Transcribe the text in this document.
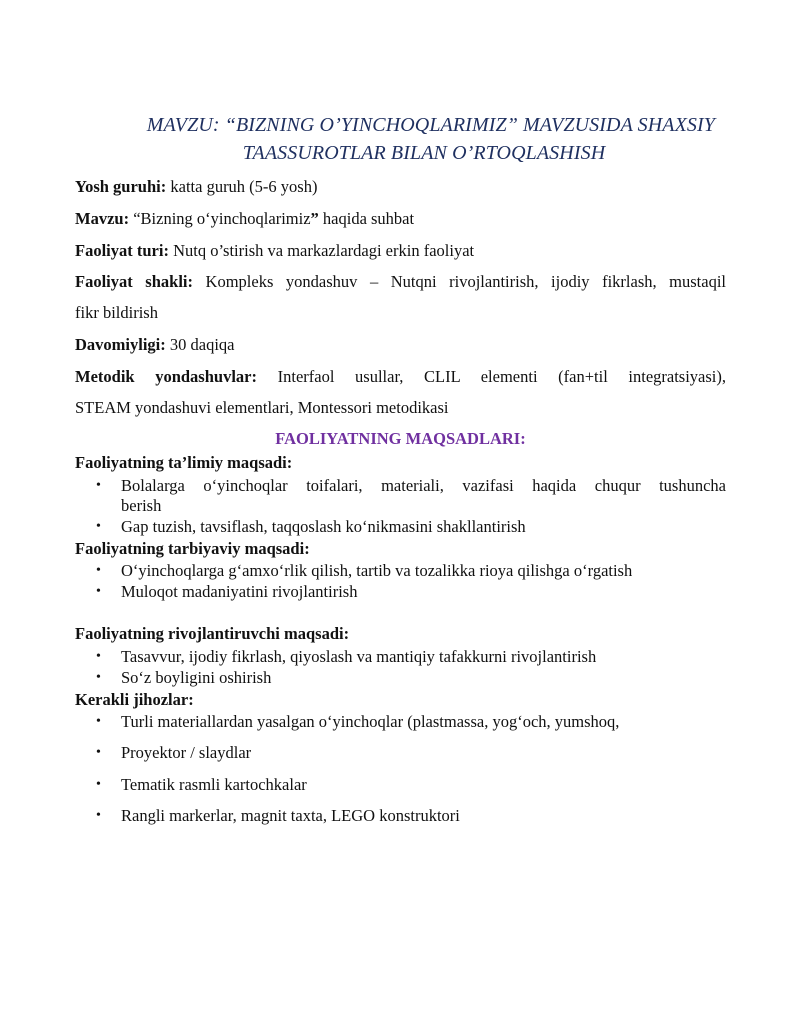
MAVZU: “BIZNING O’YINCHOQLARIMIZ” MAVZUSIDA SHAXSIY
TAASSUROTLAR BILAN O’RTOQLASHISH
Yosh guruhi: katta guruh (5-6 yosh)
Mavzu: “Bizning o‘yinchoqlarimiz” haqida suhbat
Faoliyat turi: Nutq o’stirish va markazlardagi erkin faoliyat
Faoliyat shakli: Kompleks yondashuv – Nutqni rivojlantirish, ijodiy fikrlash, mustaqil
fikr bildirish
Davomiyligi: 30 daqiqa
Metodik yondashuvlar: Interfaol usullar, CLIL elementi (fan+til integratsiyasi),
STEAM yondashuvi elementlari, Montessori metodikasi
FAOLIYATNING MAQSADLARI:
Faoliyatning ta’limiy maqsadi:
•	Bolalarga o‘yinchoqlar toifalari, materiali, vazifasi haqida chuqur tushuncha
berish
•	Gap tuzish, tavsiflash, taqqoslash ko‘nikmasini shakllantirish
Faoliyatning tarbiyaviy maqsadi:
•	O‘yinchoqlarga g‘amxo‘rlik qilish, tartib va tozalikka rioya qilishga o‘rgatish
•	Muloqot madaniyatini rivojlantirish
Faoliyatning rivojlantiruvchi maqsadi:
•	Tasavvur, ijodiy fikrlash, qiyoslash va mantiqiy tafakkurni rivojlantirish
•	So‘z boyligini oshirish
Kerakli jihozlar:
•	Turli materiallardan yasalgan o‘yinchoqlar (plastmassa, yog‘och, yumshoq,
•	Proyektor / slaydlar
•	Tematik rasmli kartochkalar
•	Rangli markerlar, magnit taxta, LEGO konstruktori
